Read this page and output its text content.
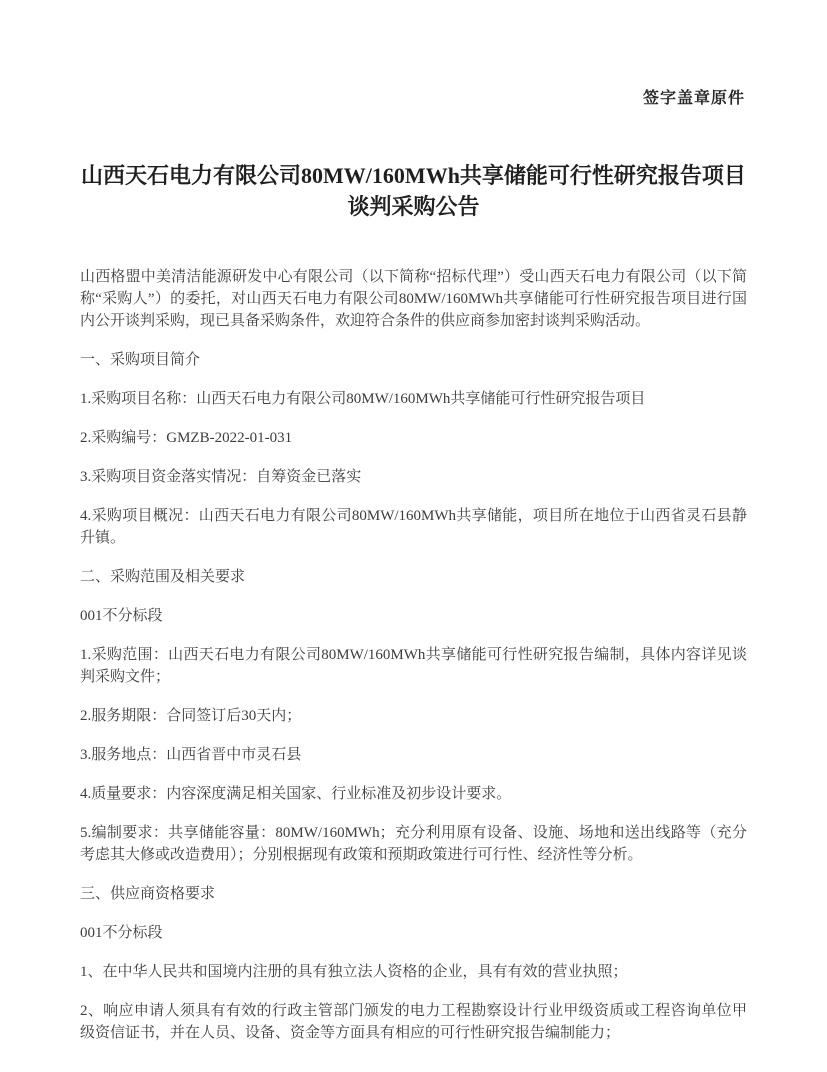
签字盖章原件
山西天石电力有限公司80MW/160MWh共享储能可行性研究报告项目
谈判采购公告

山西格盟中美清洁能源研发中心有限公司（以下简称“招标代理”）受山西天石电力有限公司（以下简称“采购人”）的委托，对山西天石电力有限公司80MW/160MWh共享储能可行性研究报告项目进行国内公开谈判采购，现已具备采购条件，欢迎符合条件的供应商参加密封谈判采购活动。

一、采购项目简介

1.采购项目名称：山西天石电力有限公司80MW/160MWh共享储能可行性研究报告项目

2.采购编号：GMZB-2022-01-031

3.采购项目资金落实情况：自筹资金已落实

4.采购项目概况：山西天石电力有限公司80MW/160MWh共享储能，项目所在地位于山西省灵石县静升镇。

二、采购范围及相关要求

001不分标段

1.采购范围：山西天石电力有限公司80MW/160MWh共享储能可行性研究报告编制，具体内容详见谈判采购文件；

2.服务期限：合同签订后30天内；

3.服务地点：山西省晋中市灵石县

4.质量要求：内容深度满足相关国家、行业标准及初步设计要求。

5.编制要求：共享储能容量：80MW/160MWh；充分利用原有设备、设施、场地和送出线路等（充分考虑其大修或改造费用）；分别根据现有政策和预期政策进行可行性、经济性等分析。

三、供应商资格要求

001不分标段

1、在中华人民共和国境内注册的具有独立法人资格的企业，具有有效的营业执照；

2、响应申请人须具有有效的行政主管部门颁发的电力工程勘察设计行业甲级资质或工程咨询单位甲级资信证书，并在人员、设备、资金等方面具有相应的可行性研究报告编制能力；
